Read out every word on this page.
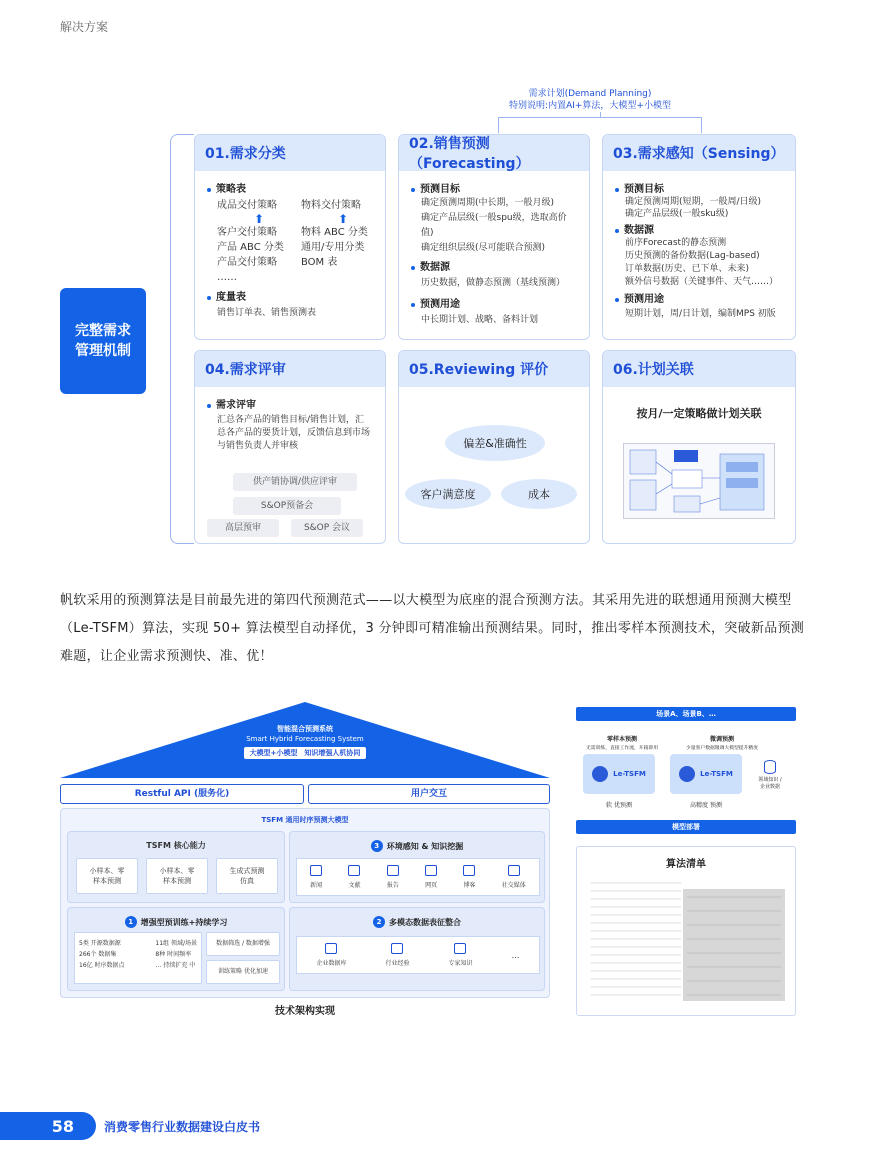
解决方案
需求计划(Demand Planning)
特别说明:内置AI+算法，大模型+小模型
完整需求
管理机制
01.需求分类
策略表
成品交付策略	物料交付策略
⬆	⬆
客户交付策略	物料 ABC 分类
产品 ABC 分类	通用/专用分类
产品交付策略	BOM 表
……
度量表
销售订单表、销售预测表
02.销售预测（Forecasting）
预测目标
确定预测周期(中长期，一般月级)
确定产品层级(一般spu级，选取高价值)
确定组织层级(尽可能联合预测)
数据源
历史数据，做静态预测（基线预测）
预测用途
中长期计划、战略、备料计划
03.需求感知（Sensing）
预测目标
确定预测周期(短期，一般周/日级)
确定产品层级(一般sku级)
数据源
前序Forecast的静态预测
历史预测的备份数据(Lag-based)
订单数据(历史、已下单、未来)
额外信号数据（关键事件、天气……）
预测用途
短期计划，周/日计划，编制MPS 初版
04.需求评审
需求评审
汇总各产品的销售目标/销售计划，汇总各产品的要货计划，反馈信息到市场与销售负责人并审核
供产销协调/供应评审
S&OP预备会
高层预审	S&OP 会议
05.Reviewing 评价
偏差&准确性
客户满意度	成本
06.计划关联
按月/一定策略做计划关联
帆软采用的预测算法是目前最先进的第四代预测范式——以大模型为底座的混合预测方法。其采用先进的联想通用预测大模型（Le-TSFM）算法，实现 50+ 算法模型自动择优，3 分钟即可精准输出预测结果。同时，推出零样本预测技术，突破新品预测难题，让企业需求预测快、准、优！
智能混合预测系统
Smart Hybrid Forecasting System
大模型+小模型　知识增强人机协同
Restful API (服务化)	用户交互
TSFM 通用时序预测大模型
TSFM 核心能力
小样本、零
样本预测
小样本、零
样本预测
生成式预测
仿真
3 环境感知 & 知识挖掘
新闻	文献	报告	网页	博客	社交媒体
1 增强型预训练+持续学习
5类 开源数据源
266个 数据集
16亿 时序数据点
11组 领域/场景
8种 时间频率
… 持续扩充 中
数据筛选 / 数据增强
训练策略 优化加速
2 多模态数据表征整合
企业数据库	行业经验	专家知识
…
技术架构实现
场景A、场景B、…
零样本预测
无需训练，直接工作流，开箱即用
微调预测
少量客户数据微调大模型提升精度
Le-TSFM	Le-TSFM
领域知识 /
企业数据
软 优预测	高精度 预测
模型部署
算法清单
58	消费零售行业数据建设白皮书
